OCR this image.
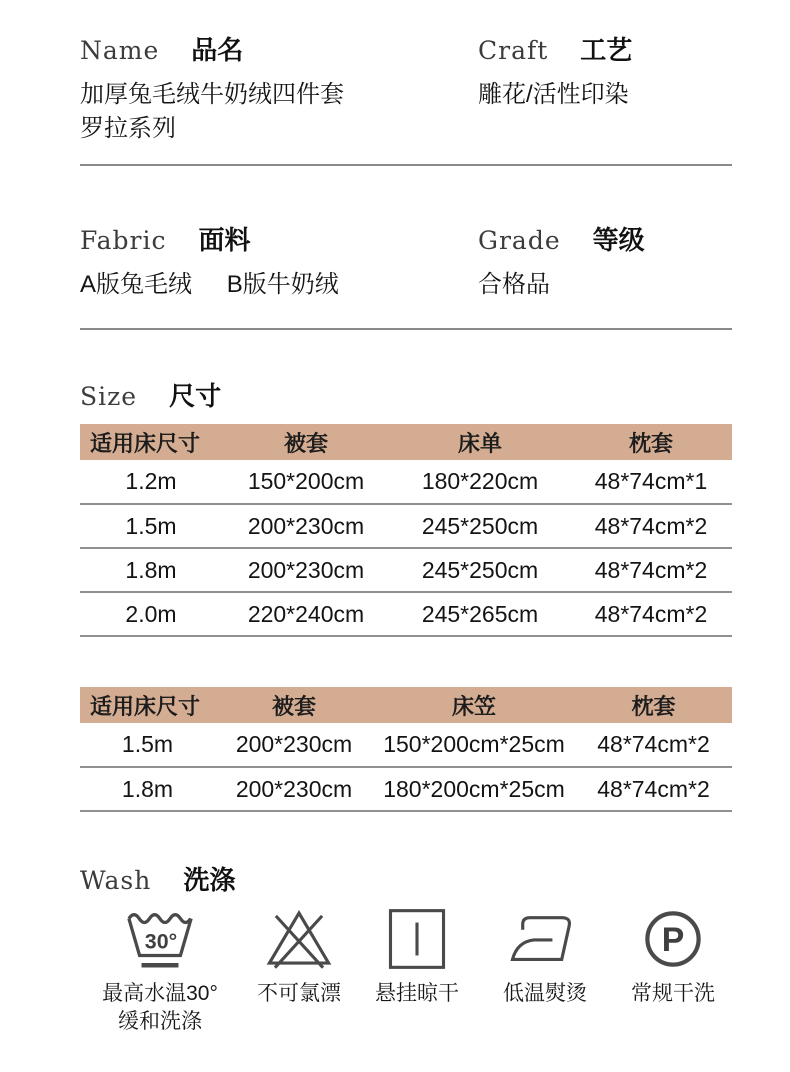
Name 品名
加厚兔毛绒牛奶绒四件套
罗拉系列
Craft 工艺
雕花/活性印染
Fabric 面料
A版兔毛绒 B版牛奶绒
Grade 等级
合格品
Size 尺寸
适用床尺寸	被套	床单	枕套
1.2m	150*200cm	180*220cm	48*74cm*1
1.5m	200*230cm	245*250cm	48*74cm*2
1.8m	200*230cm	245*250cm	48*74cm*2
2.0m	220*240cm	245*265cm	48*74cm*2
适用床尺寸	被套	床笠	枕套
1.5m	200*230cm	150*200cm*25cm	48*74cm*2
1.8m	200*230cm	180*200cm*25cm	48*74cm*2
Wash 洗涤
30°
最高水温30°
缓和洗涤
不可氯漂 悬挂晾干 低温熨烫
P
常规干洗
